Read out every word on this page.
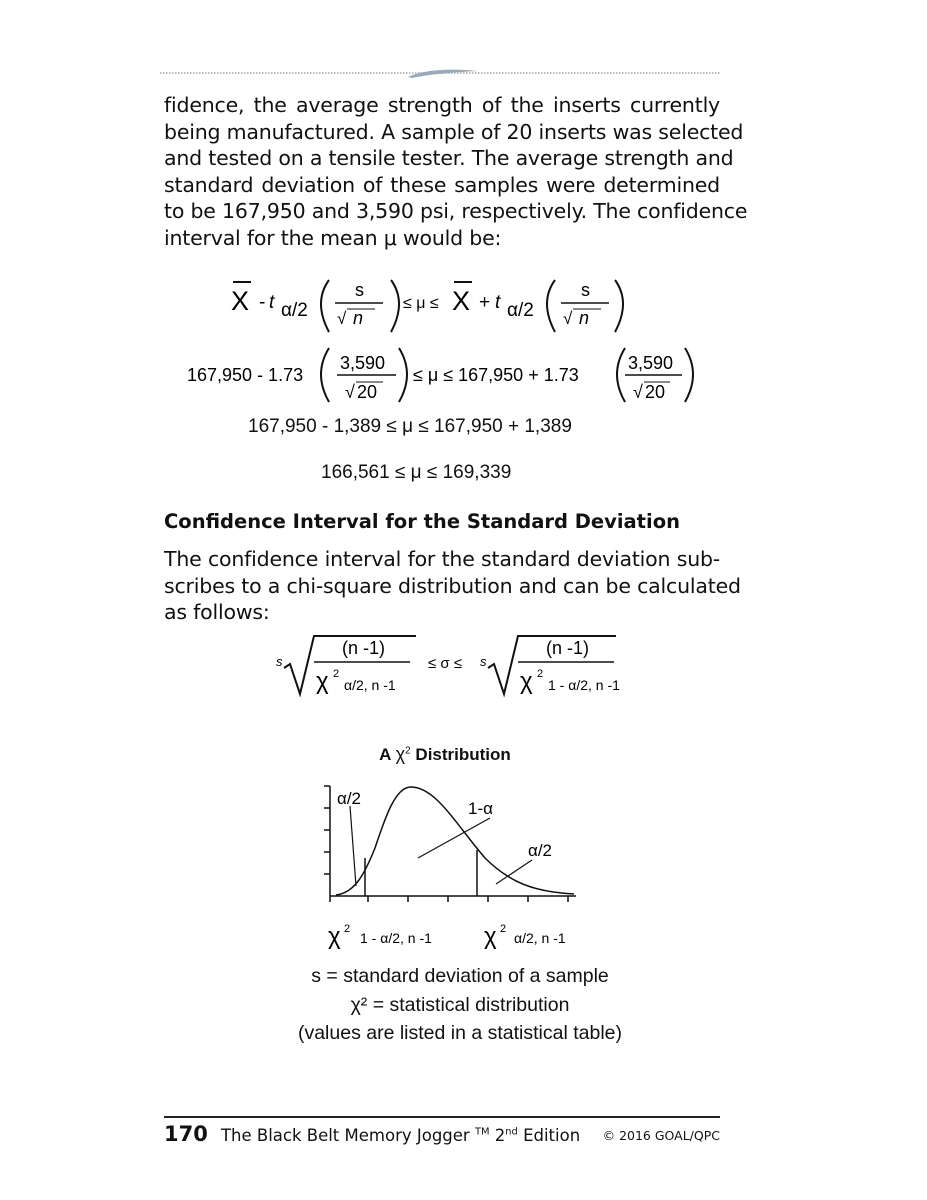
fidence, the average strength of the inserts currently
being manufactured. A sample of 20 inserts was selected
and tested on a tensile tester. The average strength and
standard deviation of these samples were determined
to be 167,950 and 3,590 psi, respectively. The confidence
interval for the mean μ would be:
X - t α/2
s
√ n
≤ μ ≤ X + t α/2
s
√ n
167,950 - 1.73
3,590
√ 20
≤ μ ≤ 167,950 + 1.73
3,590
√ 20
167,950 - 1,389 ≤ μ ≤ 167,950 + 1,389
166,561 ≤ μ ≤ 169,339
Confidence Interval for the Standard Deviation
The confidence interval for the standard deviation sub-
scribes to a chi-square distribution and can be calculated
as follows:
s
(n -1)
χ 2
α/2, n -1
≤ σ ≤ s
(n -1)
χ 2
1 - α/2, n -1
A $\chi^2$ Distribution
α/2
1-α
α/2
χ 2
1 - α/2, n -1 χ 2
α/2, n -1
s = standard deviation of a sample
χ² = statistical distribution
(values are listed in a statistical table)
170 The Black Belt Memory Jogger ™ 2nd Edition © 2016 GOAL/QPC
